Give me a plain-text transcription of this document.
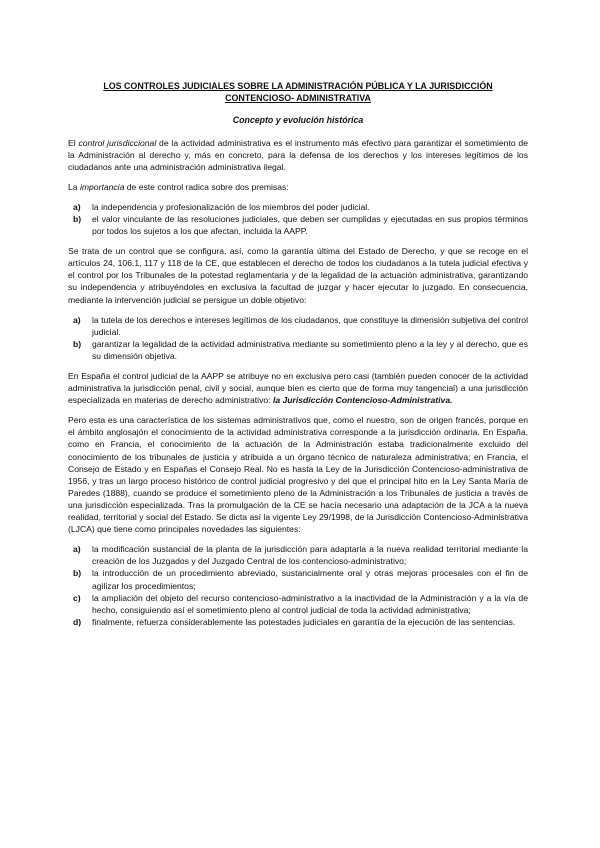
LOS CONTROLES JUDICIALES SOBRE LA ADMINISTRACIÓN PÚBLICA Y LA JURISDICCIÓN
CONTENCIOSO- ADMINISTRATIVA
Concepto y evolución histórica

El control jurisdiccional de la actividad administrativa es el instrumento más efectivo para garantizar el sometimiento de la Administración al derecho y, más en concreto, para la defensa de los derechos y los intereses legítimos de los ciudadanos ante una administración administrativa ilegal.

La importancia de este control radica sobre dos premisas:

a) la independencia y profesionalización de los miembros del poder judicial.
b) el valor vinculante de las resoluciones judiciales, que deben ser cumplidas y ejecutadas en sus propios términos por todos los sujetos a los que afectan, incluida la AAPP.

Se trata de un control que se configura, así, como la garantía última del Estado de Derecho, y que se recoge en el artículos 24, 106.1, 117 y 118 de la CE, que establecen el derecho de todos los ciudadanos a la tutela judicial efectiva y el control por los Tribunales de la potestad reglamentaria y de la legalidad de la actuación administrativa, garantizando su independencia y atribuyéndoles en exclusiva la facultad de juzgar y hacer ejecutar lo juzgado. En consecuencia, mediante la intervención judicial se persigue un doble objetivo:

a) la tutela de los derechos e intereses legítimos de los ciudadanos, que constituye la dimensión subjetiva del control judicial.
b) garantizar la legalidad de la actividad administrativa mediante su sometimiento pleno a la ley y al derecho, que es su dimensión objetiva.

En España el control judicial de la AAPP se atribuye no en exclusiva pero casi (también pueden conocer de la actividad administrativa la jurisdicción penal, civil y social, aunque bien es cierto que de forma muy tangencial) a una jurisdicción especializada en materias de derecho administrativo: la Jurisdicción Contencioso-Administrativa.

Pero esta es una característica de los sistemas administrativos que, como el nuestro, son de origen francés, porque en el ámbito anglosajón el conocimiento de la actividad administrativa corresponde a la jurisdicción ordinaria. En España, como en Francia, el conocimiento de la actuación de la Administración estaba tradicionalmente excluido del conocimiento de los tribunales de justicia y atribuida a un órgano técnico de naturaleza administrativa; en Francia, el Consejo de Estado y en Españas el Consejo Real. No es hasta la Ley de la Jurisdicción Contencioso-administrativa de 1956, y tras un largo proceso histórico de control judicial progresivo y del que el principal hito en la Ley Santa María de Paredes (1888), cuando se produce el sometimiento pleno de la Administración a los Tribunales de justicia a través de una jurisdicción especializada. Tras la promulgación de la CE se hacía necesario una adaptación de la JCA a la nueva realidad, territorial y social del Estado. Se dicta así la vigente Ley 29/1998, de la Jurisdicción Contencioso-Administrativa (LJCA) que tiene como principales novedades las siguientes:

a) la modificación sustancial de la planta de la jurisdicción para adaptarla a la nueva realidad territorial mediante la creación de los Juzgados y del Juzgado Central de los contencioso-administrativo;
b) la introducción de un procedimiento abreviado, sustancialmente oral y otras mejoras procesales con el fin de agilizar los procedimientos;
c) la ampliación del objeto del recurso contencioso-administrativo a la inactividad de la Administración y a la vía de hecho, consiguiendo así el sometimiento pleno al control judicial de toda la actividad administrativa;
d) finalmente, refuerza considerablemente las potestades judiciales en garantía de la ejecución de las sentencias.
